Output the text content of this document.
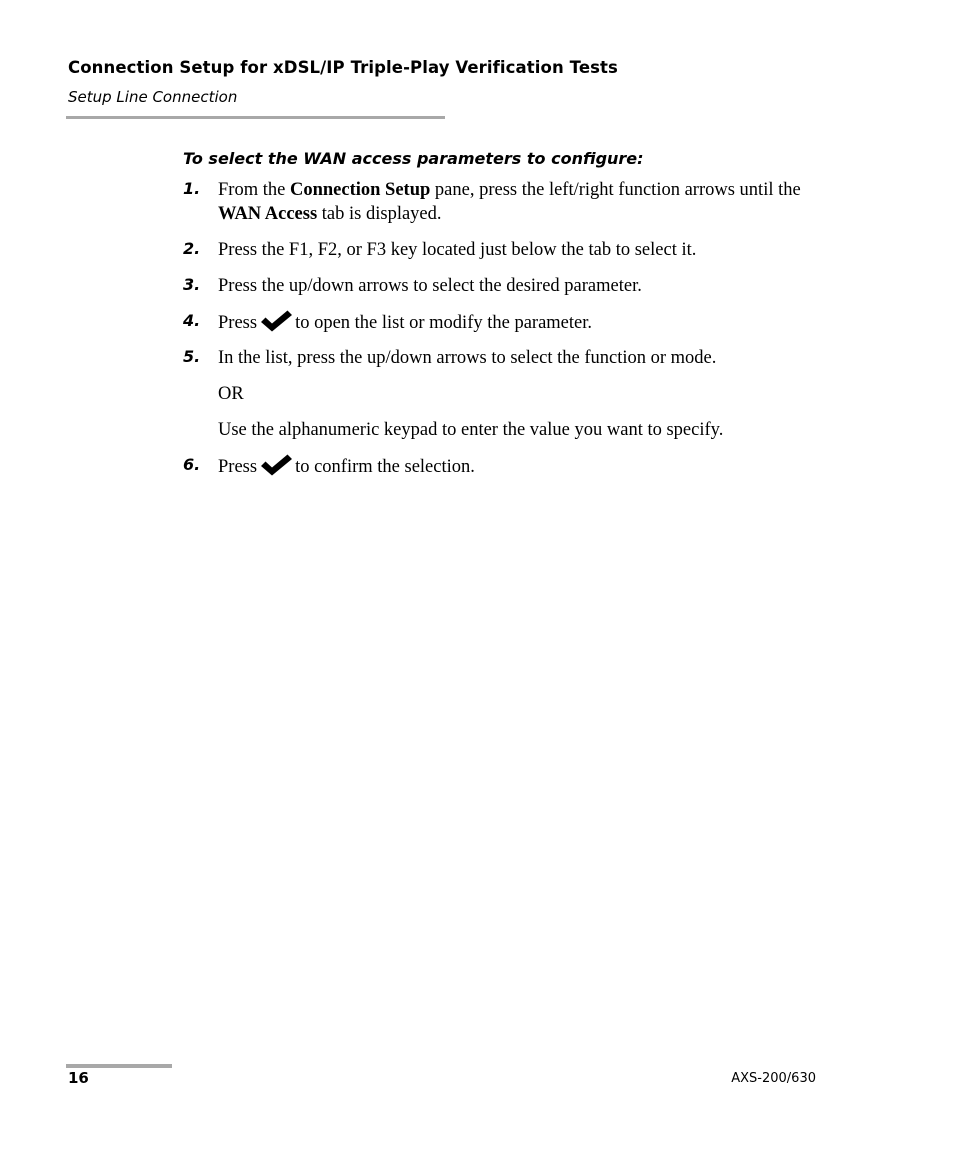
Connection Setup for xDSL/IP Triple-Play Verification Tests
Setup Line Connection
To select the WAN access parameters to configure:
1. From the Connection Setup pane, press the left/right function arrows until the WAN Access tab is displayed.
2. Press the F1, F2, or F3 key located just below the tab to select it.
3. Press the up/down arrows to select the desired parameter.
4. Press to open the list or modify the parameter.
5. In the list, press the up/down arrows to select the function or mode.
OR
Use the alphanumeric keypad to enter the value you want to specify.
6. Press to confirm the selection.
16	AXS-200/630
